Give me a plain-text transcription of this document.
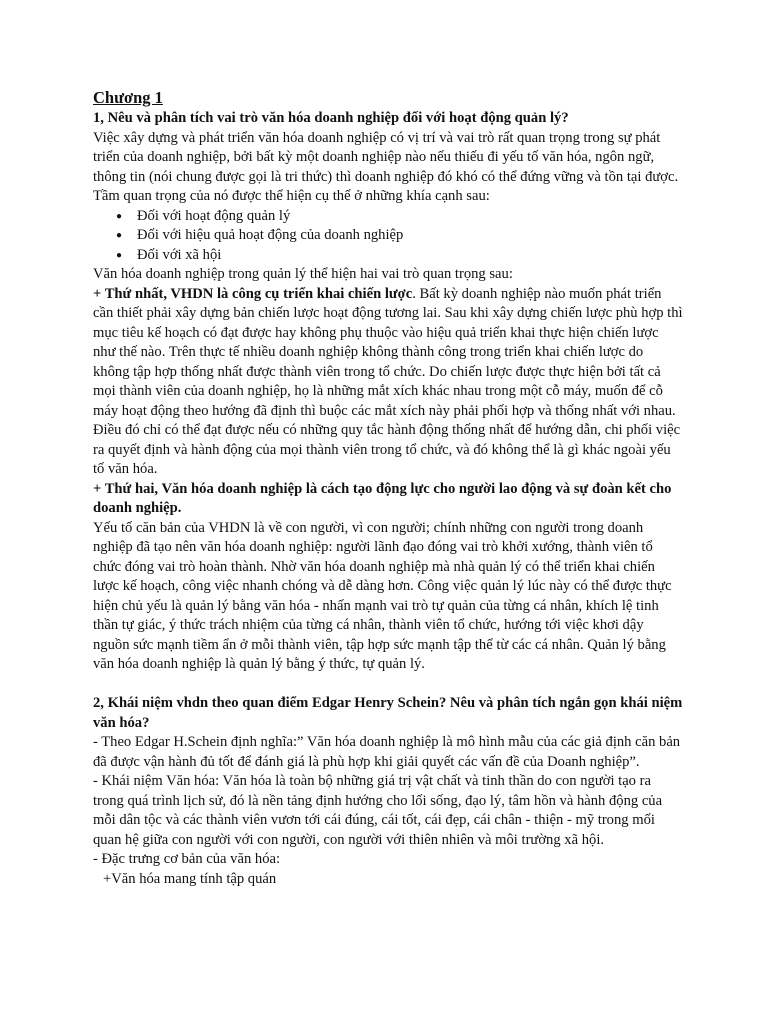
Chương 1

1, Nêu và phân tích vai trò văn hóa doanh nghiệp đối với hoạt động quản lý?

Việc xây dựng và phát triển văn hóa doanh nghiệp có vị trí và vai trò rất quan trọng trong sự phát triển của doanh nghiệp, bởi bất kỳ một doanh nghiệp nào nếu thiếu đi yếu tố văn hóa, ngôn ngữ, thông tin (nói chung được gọi là tri thức) thì doanh nghiệp đó khó có thể đứng vững và tồn tại được. Tầm quan trọng của nó được thể hiện cụ thể ở những khía cạnh sau:

● Đối với hoạt động quản lý
● Đối với hiệu quả hoạt động của doanh nghiệp
● Đối với xã hội

Văn hóa doanh nghiệp trong quản lý thể hiện hai vai trò quan trọng sau:

+ Thứ nhất, VHDN là công cụ triển khai chiến lược. Bất kỳ doanh nghiệp nào muốn phát triển cần thiết phải xây dựng bản chiến lược hoạt động tương lai. Sau khi xây dựng chiến lược phù hợp thì mục tiêu kế hoạch có đạt được hay không phụ thuộc vào hiệu quả triển khai thực hiện chiến lược như thế nào. Trên thực tế nhiều doanh nghiệp không thành công trong triển khai chiến lược do không tập hợp thống nhất được thành viên trong tổ chức. Do chiến lược được thực hiện bởi tất cả mọi thành viên của doanh nghiệp, họ là những mắt xích khác nhau trong một cỗ máy, muốn để cỗ máy hoạt động theo hướng đã định thì buộc các mắt xích này phải phối hợp và thống nhất với nhau. Điều đó chỉ có thể đạt được nếu có những quy tắc hành động thống nhất để hướng dẫn, chi phối việc ra quyết định và hành động của mọi thành viên trong tổ chức, và đó không thể là gì khác ngoài yếu tố văn hóa.

+ Thứ hai, Văn hóa doanh nghiệp là cách tạo động lực cho người lao động và sự đoàn kết cho doanh nghiệp.

Yếu tố căn bản của VHDN là về con người, vì con người; chính những con người trong doanh nghiệp đã tạo nên văn hóa doanh nghiệp: người lãnh đạo đóng vai trò khởi xướng, thành viên tổ chức đóng vai trò hoàn thành. Nhờ văn hóa doanh nghiệp mà nhà quản lý có thể triển khai chiến lược kế hoạch, công việc nhanh chóng và dễ dàng hơn. Công việc quản lý lúc này có thể được thực hiện chủ yếu là quản lý bằng văn hóa - nhấn mạnh vai trò tự quản của từng cá nhân, khích lệ tinh thần tự giác, ý thức trách nhiệm của từng cá nhân, thành viên tổ chức, hướng tới việc khơi dậy nguồn sức mạnh tiềm ẩn ở mỗi thành viên, tập hợp sức mạnh tập thể từ các cá nhân. Quản lý bằng văn hóa doanh nghiệp là quản lý bằng ý thức, tự quản lý.

2, Khái niệm vhdn theo quan điểm Edgar Henry Schein? Nêu và phân tích ngắn gọn khái niệm văn hóa?

- Theo Edgar H.Schein định nghĩa:” Văn hóa doanh nghiệp là mô hình mẫu của các giả định căn bản đã được vận hành đủ tốt để đánh giá là phù hợp khi giải quyết các vấn đề của Doanh nghiệp”.

- Khái niệm Văn hóa: Văn hóa là toàn bộ những giá trị vật chất và tinh thần do con người tạo ra trong quá trình lịch sử, đó là nền tảng định hướng cho lối sống, đạo lý, tâm hồn và hành động của mỗi dân tộc và các thành viên vươn tới cái đúng, cái tốt, cái đẹp, cái chân - thiện - mỹ trong mối quan hệ giữa con người với con người, con người với thiên nhiên và môi trường xã hội.

- Đặc trưng cơ bản của văn hóa:

+Văn hóa mang tính tập quán
